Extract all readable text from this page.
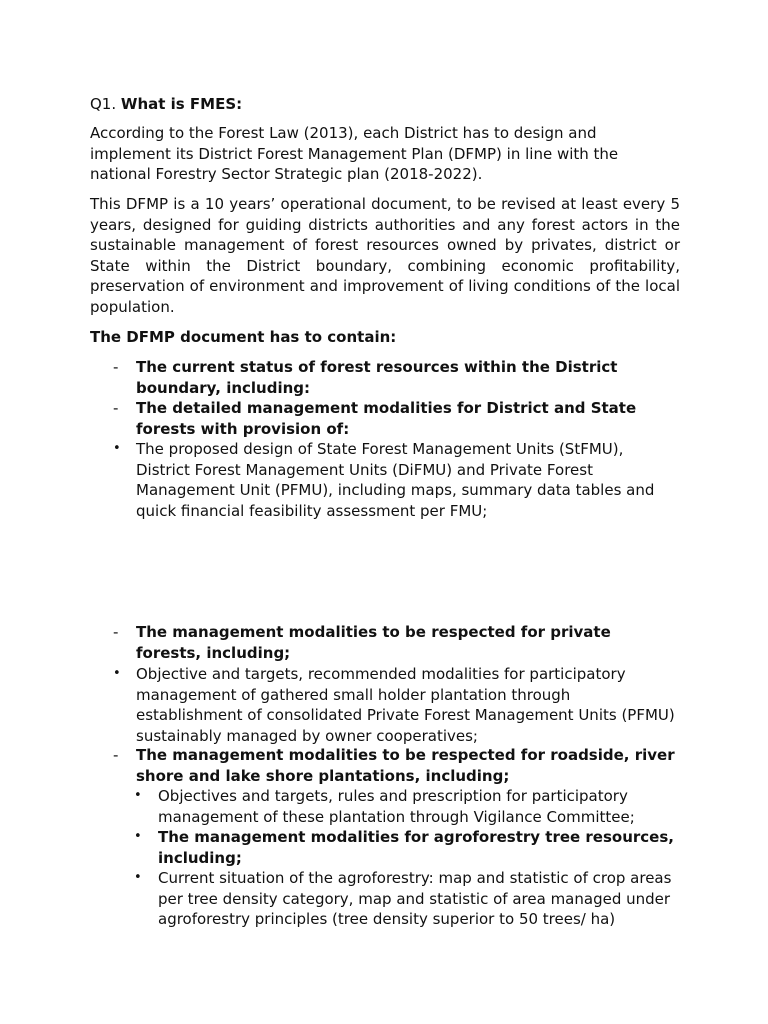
Q1. What is FMES:

According to the Forest Law (2013), each District has to design and implement its District Forest Management Plan (DFMP) in line with the national Forestry Sector Strategic plan (2018-2022).

This DFMP is a 10 years’ operational document, to be revised at least every 5 years, designed for guiding districts authorities and any forest actors in the sustainable management of forest resources owned by privates, district or State within the District boundary, combining economic profitability, preservation of environment and improvement of living conditions of the local population.

The DFMP document has to contain:

- The current status of forest resources within the District boundary, including:

- The detailed management modalities for District and State forests with provision of:

• The proposed design of State Forest Management Units (StFMU), District Forest Management Units (DiFMU) and Private Forest Management Unit (PFMU), including maps, summary data tables and quick financial feasibility assessment per FMU;

- The management modalities to be respected for private forests, including;

• Objective and targets, recommended modalities for participatory management of gathered small holder plantation through establishment of consolidated Private Forest Management Units (PFMU) sustainably managed by owner cooperatives;

- The management modalities to be respected for roadside, river shore and lake shore plantations, including;

• Objectives and targets, rules and prescription for participatory management of these plantation through Vigilance Committee;

• The management modalities for agroforestry tree resources, including;

• Current situation of the agroforestry: map and statistic of crop areas per tree density category, map and statistic of area managed under agroforestry principles (tree density superior to 50 trees/ ha)
